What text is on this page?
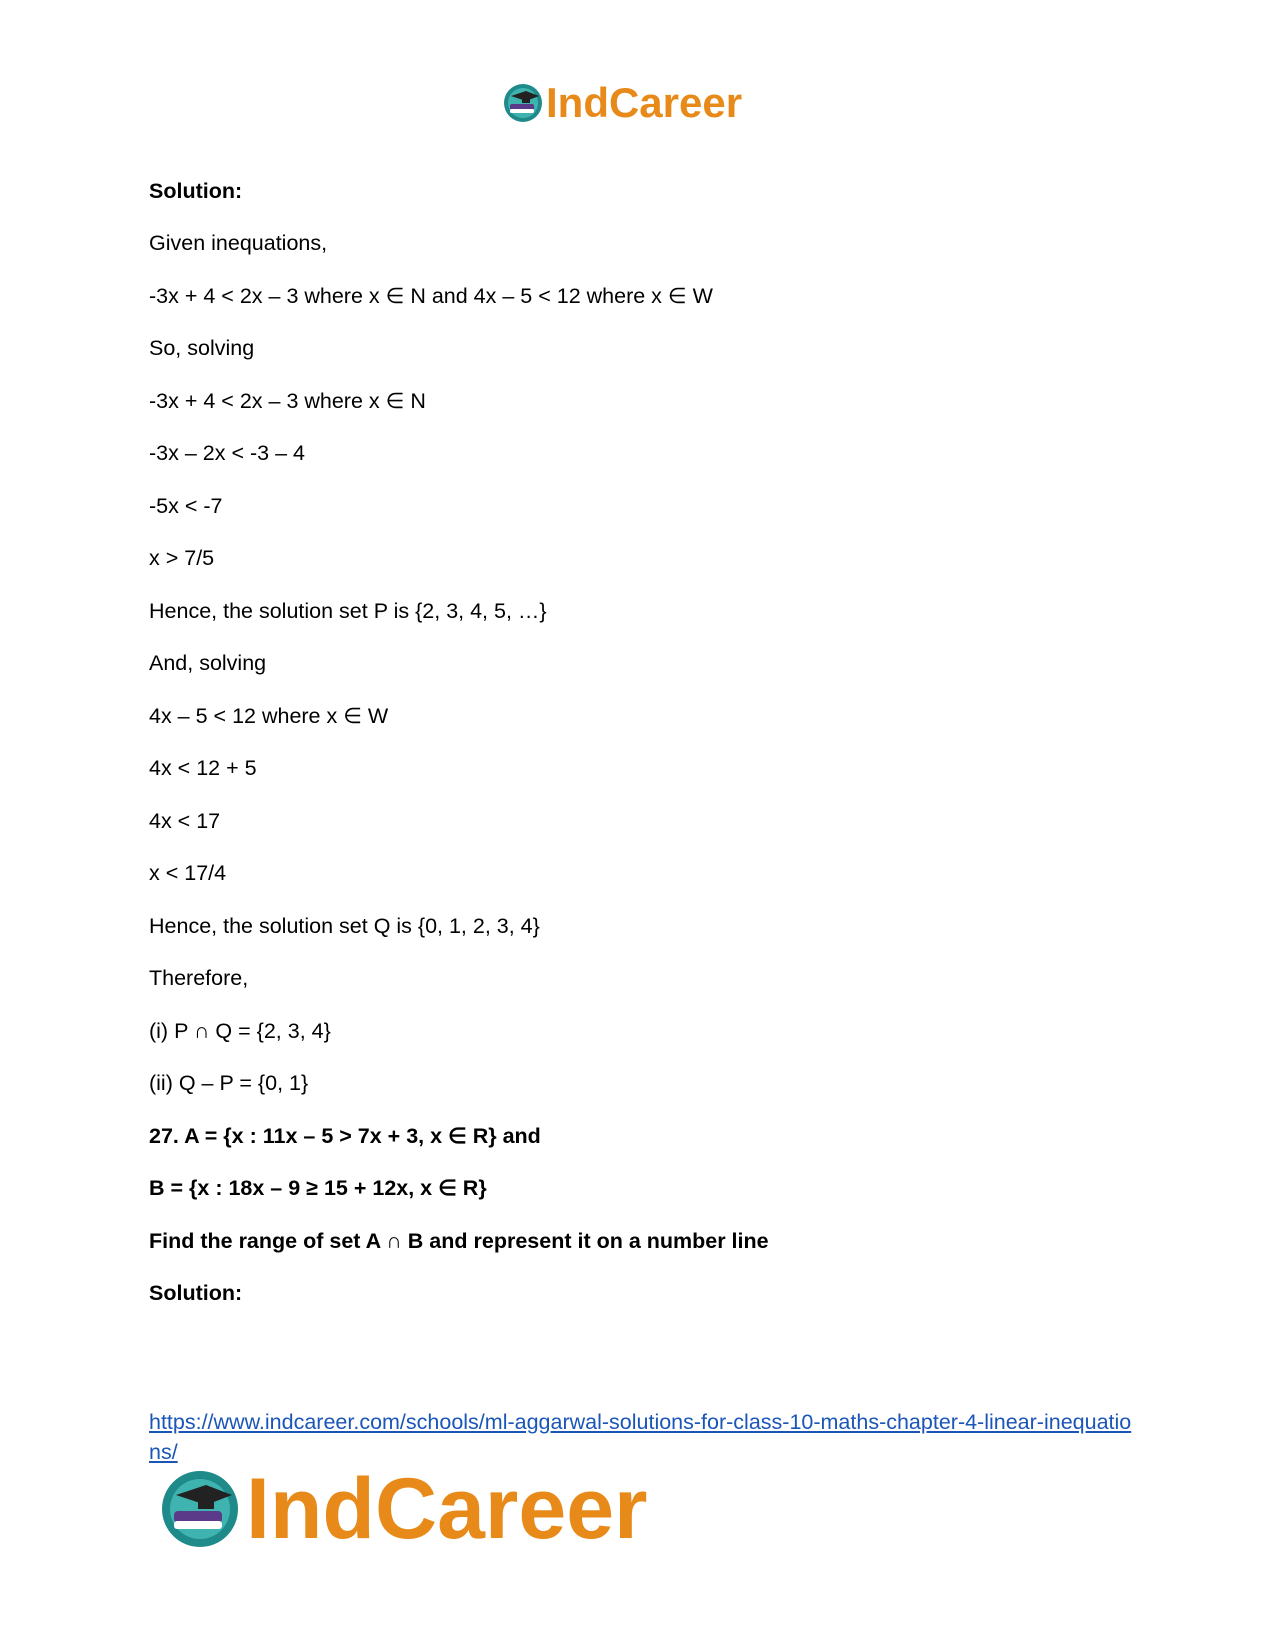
IndCareer
Solution:
Given inequations,
-3x + 4 < 2x – 3 where x ∈ N and 4x – 5 < 12 where x ∈ W
So, solving
-3x + 4 < 2x – 3 where x ∈ N
-3x – 2x < -3 – 4
-5x < -7
x > 7/5
Hence, the solution set P is {2, 3, 4, 5, …}
And, solving
4x – 5 < 12 where x ∈ W
4x < 12 + 5
4x < 17
x < 17/4
Hence, the solution set Q is {0, 1, 2, 3, 4}
Therefore,
(i) P ∩ Q = {2, 3, 4}
(ii) Q – P = {0, 1}
27. A = {x : 11x – 5 > 7x + 3, x ∈ R} and
B = {x : 18x – 9 ≥ 15 + 12x, x ∈ R}
Find the range of set A ∩ B and represent it on a number line
Solution:
https://www.indcareer.com/schools/ml-aggarwal-solutions-for-class-10-maths-chapter-4-linear-inequations/
IndCareer
